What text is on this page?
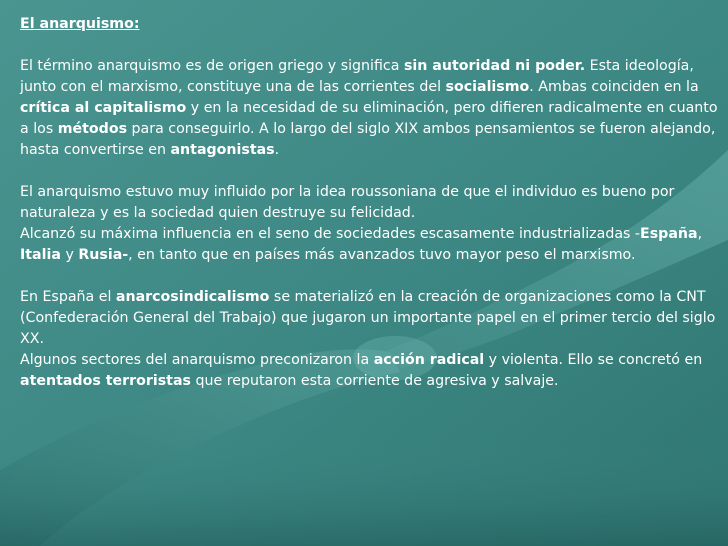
El anarquismo:

El término anarquismo es de origen griego y significa sin autoridad ni poder. Esta ideología, junto con el marxismo, constituye una de las corrientes del socialismo. Ambas coinciden en la crítica al capitalismo y en la necesidad de su eliminación, pero difieren radicalmente en cuanto a los métodos para conseguirlo. A lo largo del siglo XIX ambos pensamientos se fueron alejando, hasta convertirse en antagonistas.

El anarquismo estuvo muy influido por la idea roussoniana de que el individuo es bueno por naturaleza y es la sociedad quien destruye su felicidad.

Alcanzó su máxima influencia en el seno de sociedades escasamente industrializadas -España, Italia y Rusia-, en tanto que en países más avanzados tuvo mayor peso el marxismo.

En España el anarcosindicalismo se materializó en la creación de organizaciones como la CNT (Confederación General del Trabajo) que jugaron un importante papel en el primer tercio del siglo XX.

Algunos sectores del anarquismo preconizaron la acción radical y violenta. Ello se concretó en atentados terroristas que reputaron esta corriente de agresiva y salvaje.
